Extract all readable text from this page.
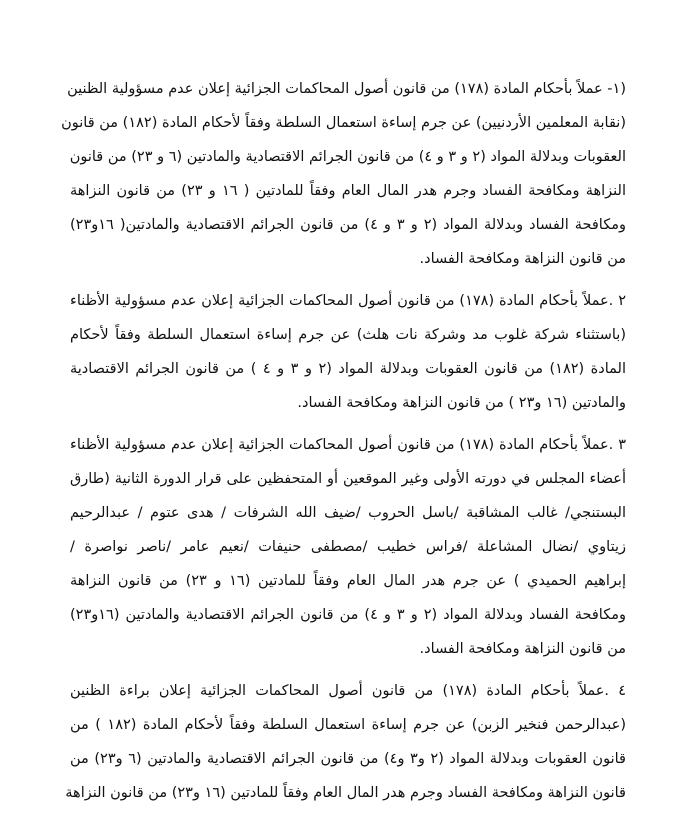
(١- عملاً بأحكام المادة (١٧٨) من قانون أصول المحاكمات الجزائية إعلان عدم مسؤولية الظنين
(نقابة المعلمين الأردنيين) عن جرم إساءة استعمال السلطة وفقاً لأحكام المادة (١٨٢) من قانون
العقوبات وبدلالة المواد (٢ و ٣ و ٤) من قانون الجرائم الاقتصادية والمادتين (٦ و ٢٣) من قانون
النزاهة ومكافحة الفساد وجرم هدر المال العام وفقاً للمادتين ( ١٦ و ٢٣) من قانون النزاهة
ومكافحة الفساد وبدلالة المواد (٢ و ٣ و ٤) من قانون الجرائم الاقتصادية والمادتين( ١٦و٢٣)
من قانون النزاهة ومكافحة الفساد.
٢ .عملاً بأحكام المادة (١٧٨) من قانون أصول المحاكمات الجزائية إعلان عدم مسؤولية الأظناء
(باستثناء شركة غلوب مد وشركة نات هلث) عن جرم إساءة استعمال السلطة وفقاً لأحكام
المادة (١٨٢) من قانون العقوبات وبدلالة المواد (٢ و ٣ و ٤ ) من قانون الجرائم الاقتصادية
والمادتين (١٦ و٢٣ ) من قانون النزاهة ومكافحة الفساد.
٣ .عملاً بأحكام المادة (١٧٨) من قانون أصول المحاكمات الجزائية إعلان عدم مسؤولية الأظناء
أعضاء المجلس في دورته الأولى وغير الموقعين أو المتحفظين على قرار الدورة الثانية (طارق
البستنجي/ غالب المشاقبة /باسل الحروب /ضيف الله الشرفات / هدى عتوم / عبدالرحيم
زيتاوي /نضال المشاعلة /فراس خطيب /مصطفى حنيفات /نعيم عامر /ناصر نواصرة /
إبراهيم الحميدي ) عن جرم هدر المال العام وفقاً للمادتين (١٦ و ٢٣) من قانون النزاهة
ومكافحة الفساد وبدلالة المواد (٢ و ٣ و ٤) من قانون الجرائم الاقتصادية والمادتين (١٦و٢٣)
من قانون النزاهة ومكافحة الفساد.
٤ .عملاً بأحكام المادة (١٧٨) من قانون أصول المحاكمات الجزائية إعلان براءة الظنين
(عبدالرحمن فنخير الزبن) عن جرم إساءة استعمال السلطة وفقاً لأحكام المادة (١٨٢ ) من
قانون العقوبات وبدلالة المواد (٢ و٣ و٤) من قانون الجرائم الاقتصادية والمادتين (٦ و٢٣) من
قانون النزاهة ومكافحة الفساد وجرم هدر المال العام وفقاً للمادتين (١٦ و٢٣) من قانون النزاهة
